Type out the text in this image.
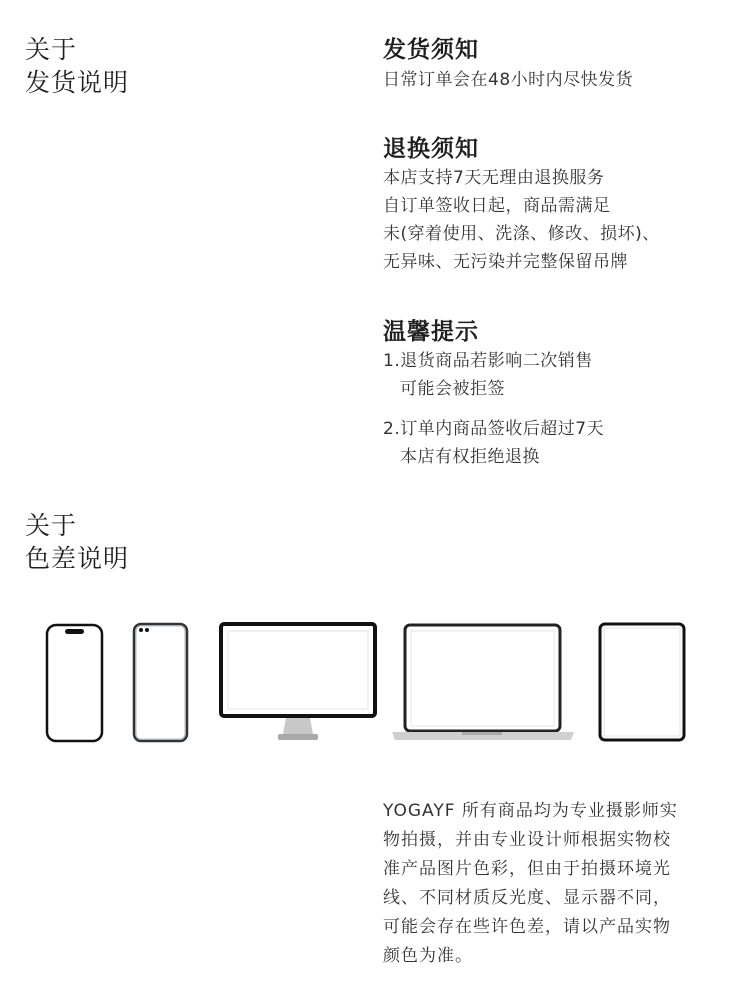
关于
发货说明
发货须知
日常订单会在48小时内尽快发货
退换须知
本店支持7天无理由退换服务
自订单签收日起，商品需满足
未(穿着使用、洗涤、修改、损坏)、
无异味、无污染并完整保留吊牌
温馨提示
1.退货商品若影响二次销售
可能会被拒签
2.订单内商品签收后超过7天
本店有权拒绝退换
关于
色差说明
YOGAYF 所有商品均为专业摄影师实
物拍摄，并由专业设计师根据实物校
准产品图片色彩，但由于拍摄环境光
线、不同材质反光度、显示器不同，
可能会存在些许色差，请以产品实物
颜色为准。
